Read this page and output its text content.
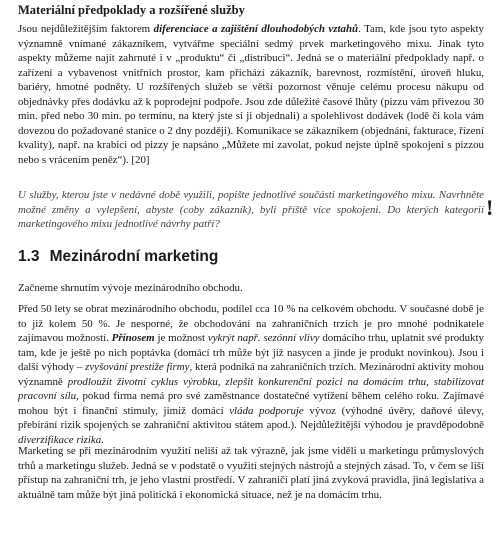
Materiální předpoklady a rozšířené služby

Jsou nejdůležitějším faktorem diferenciace a zajištění dlouhodobých vztahů. Tam, kde jsou tyto aspekty významně vnímané zákazníkem, vytvářme speciální sedmý prvek marketingového mixu. Jinak tyto aspekty můžeme najít zahrnuté i v „produktu“ či „distribuci“. Jedná se o materiální předpoklady např. o zařízení a vybavenost vnitřních prostor, kam přichází zákazník, barevnost, rozmístění, úroveň hluku, bariéry, hmotné podněty. U rozšířených služeb se větší pozornost věnuje celému procesu nákupu od objednávky přes dodávku až k poprodejní podpoře. Jsou zde důležité časové lhůty (pizzu vám přivezou 30 min. před nebo 30 min. po termínu, na který jste si ji objednali) a spolehlivost dodávek (lodě či kola vám dovezou do požadované stanice o 2 dny později). Komunikace se zákazníkem (objednání, fakturace, řízení kvality), např. na krabici od pizzy je napsáno „Můžete mi zavolat, pokud nejste úplně spokojeni s pizzou nebo s vrácením peněz“). [20]

U služby, kterou jste v nedávné době využili, popište jednotlivé součásti marketingového mixu. Navrhněte možné změny a vylepšení, abyste (coby zákazník), byli příště více spokojeni. Do kterých kategorií marketingového mixu jednotlivé návrhy patří?

!
1.3 Mezinárodní marketing

Začneme shrnutím vývoje mezinárodního obchodu.

Před 50 lety se obrat mezinárodního obchodu, podílel cca 10 % na celkovém obchodu. V současné době je to již kolem 50 %. Je nesporné, že obchodování na zahraničních trzích je pro mnohé podnikatele zajímavou možností. Přínosem je možnost vykrýt např. sezónní vlivy domácího trhu, uplatnit své produkty tam, kde je ještě po nich poptávka (domácí trh může být již nasycen a jinde je produkt novinkou). Jsou i další výhody – zvyšování prestiže firmy, která podniká na zahraničních trzích. Mezinárodní aktivity mohou významně prodloužit životní cyklus výrobku, zlepšit konkurenční pozici na domácím trhu, stabilizovat pracovní sílu, pokud firma nemá pro své zaměstnance dostatečné vytížení během celého roku. Zajímavé mohou být i finanční stimuly, jimiž domácí vláda podporuje vývoz (výhodné úvěry, daňové úlevy, přebírání rizik spojených se zahraniční aktivitou státem apod.). Nejdůležitější výhodou je pravděpodobně diverzifikace rizika.

Marketing se při mezinárodním využití neliší až tak výrazně, jak jsme viděli u marketingu průmyslových trhů a marketingu služeb. Jedná se v podstatě o využití stejných nástrojů a stejných zásad. To, v čem se liší přístup na zahraniční trh, je jeho vlastní prostředí. V zahraničí platí jiná zvyková pravidla, jiná legislativa a aktuálně tam může být jiná politická i ekonomická situace, než je na domácím trhu.
